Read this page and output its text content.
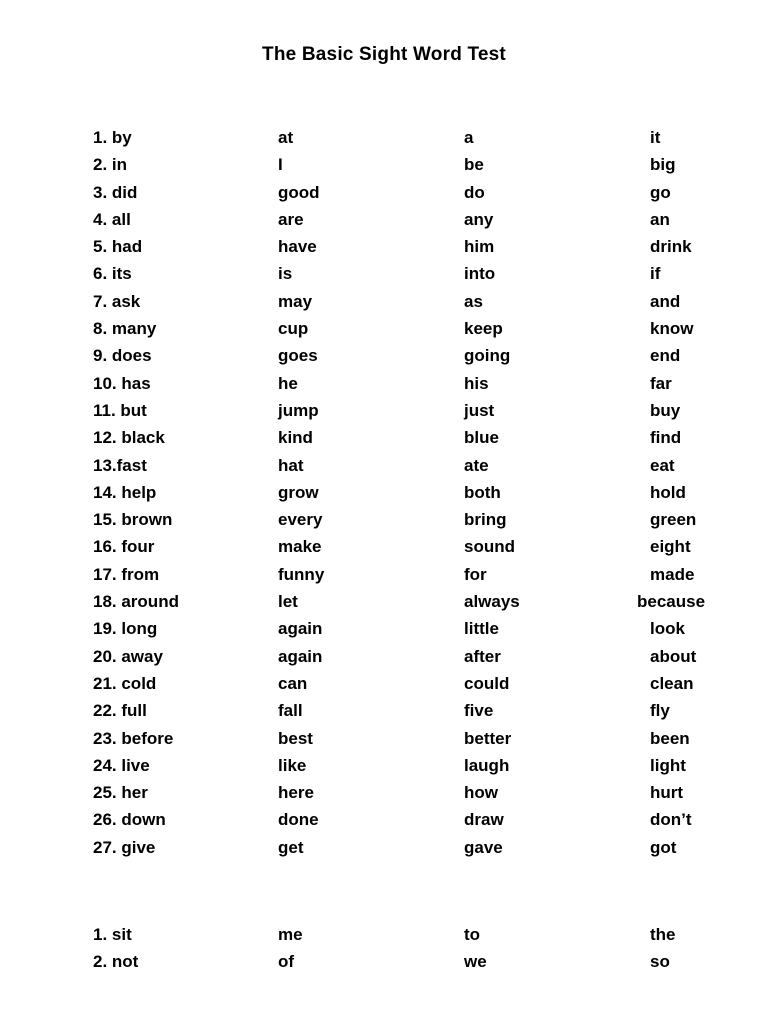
The Basic Sight Word Test
1. by	at	a	it
2. in	I	be	big
3. did	good	do	go
4. all	are	any	an
5. had	have	him	drink
6. its	is	into	if
7. ask	may	as	and
8. many	cup	keep	know
9. does	goes	going	end
10. has	he	his	far
11. but	jump	just	buy
12. black	kind	blue	find
13.fast	hat	ate	eat
14. help	grow	both	hold
15. brown	every	bring	green
16. four	make	sound	eight
17. from	funny	for	made
18. around	let	always	because
19. long	again	little	look
20. away	again	after	about
21. cold	can	could	clean
22. full	fall	five	fly
23. before	best	better	been
24. live	like	laugh	light
25. her	here	how	hurt
26. down	done	draw	don’t
27. give	get	gave	got
1. sit	me	to	the
2. not	of	we	so
